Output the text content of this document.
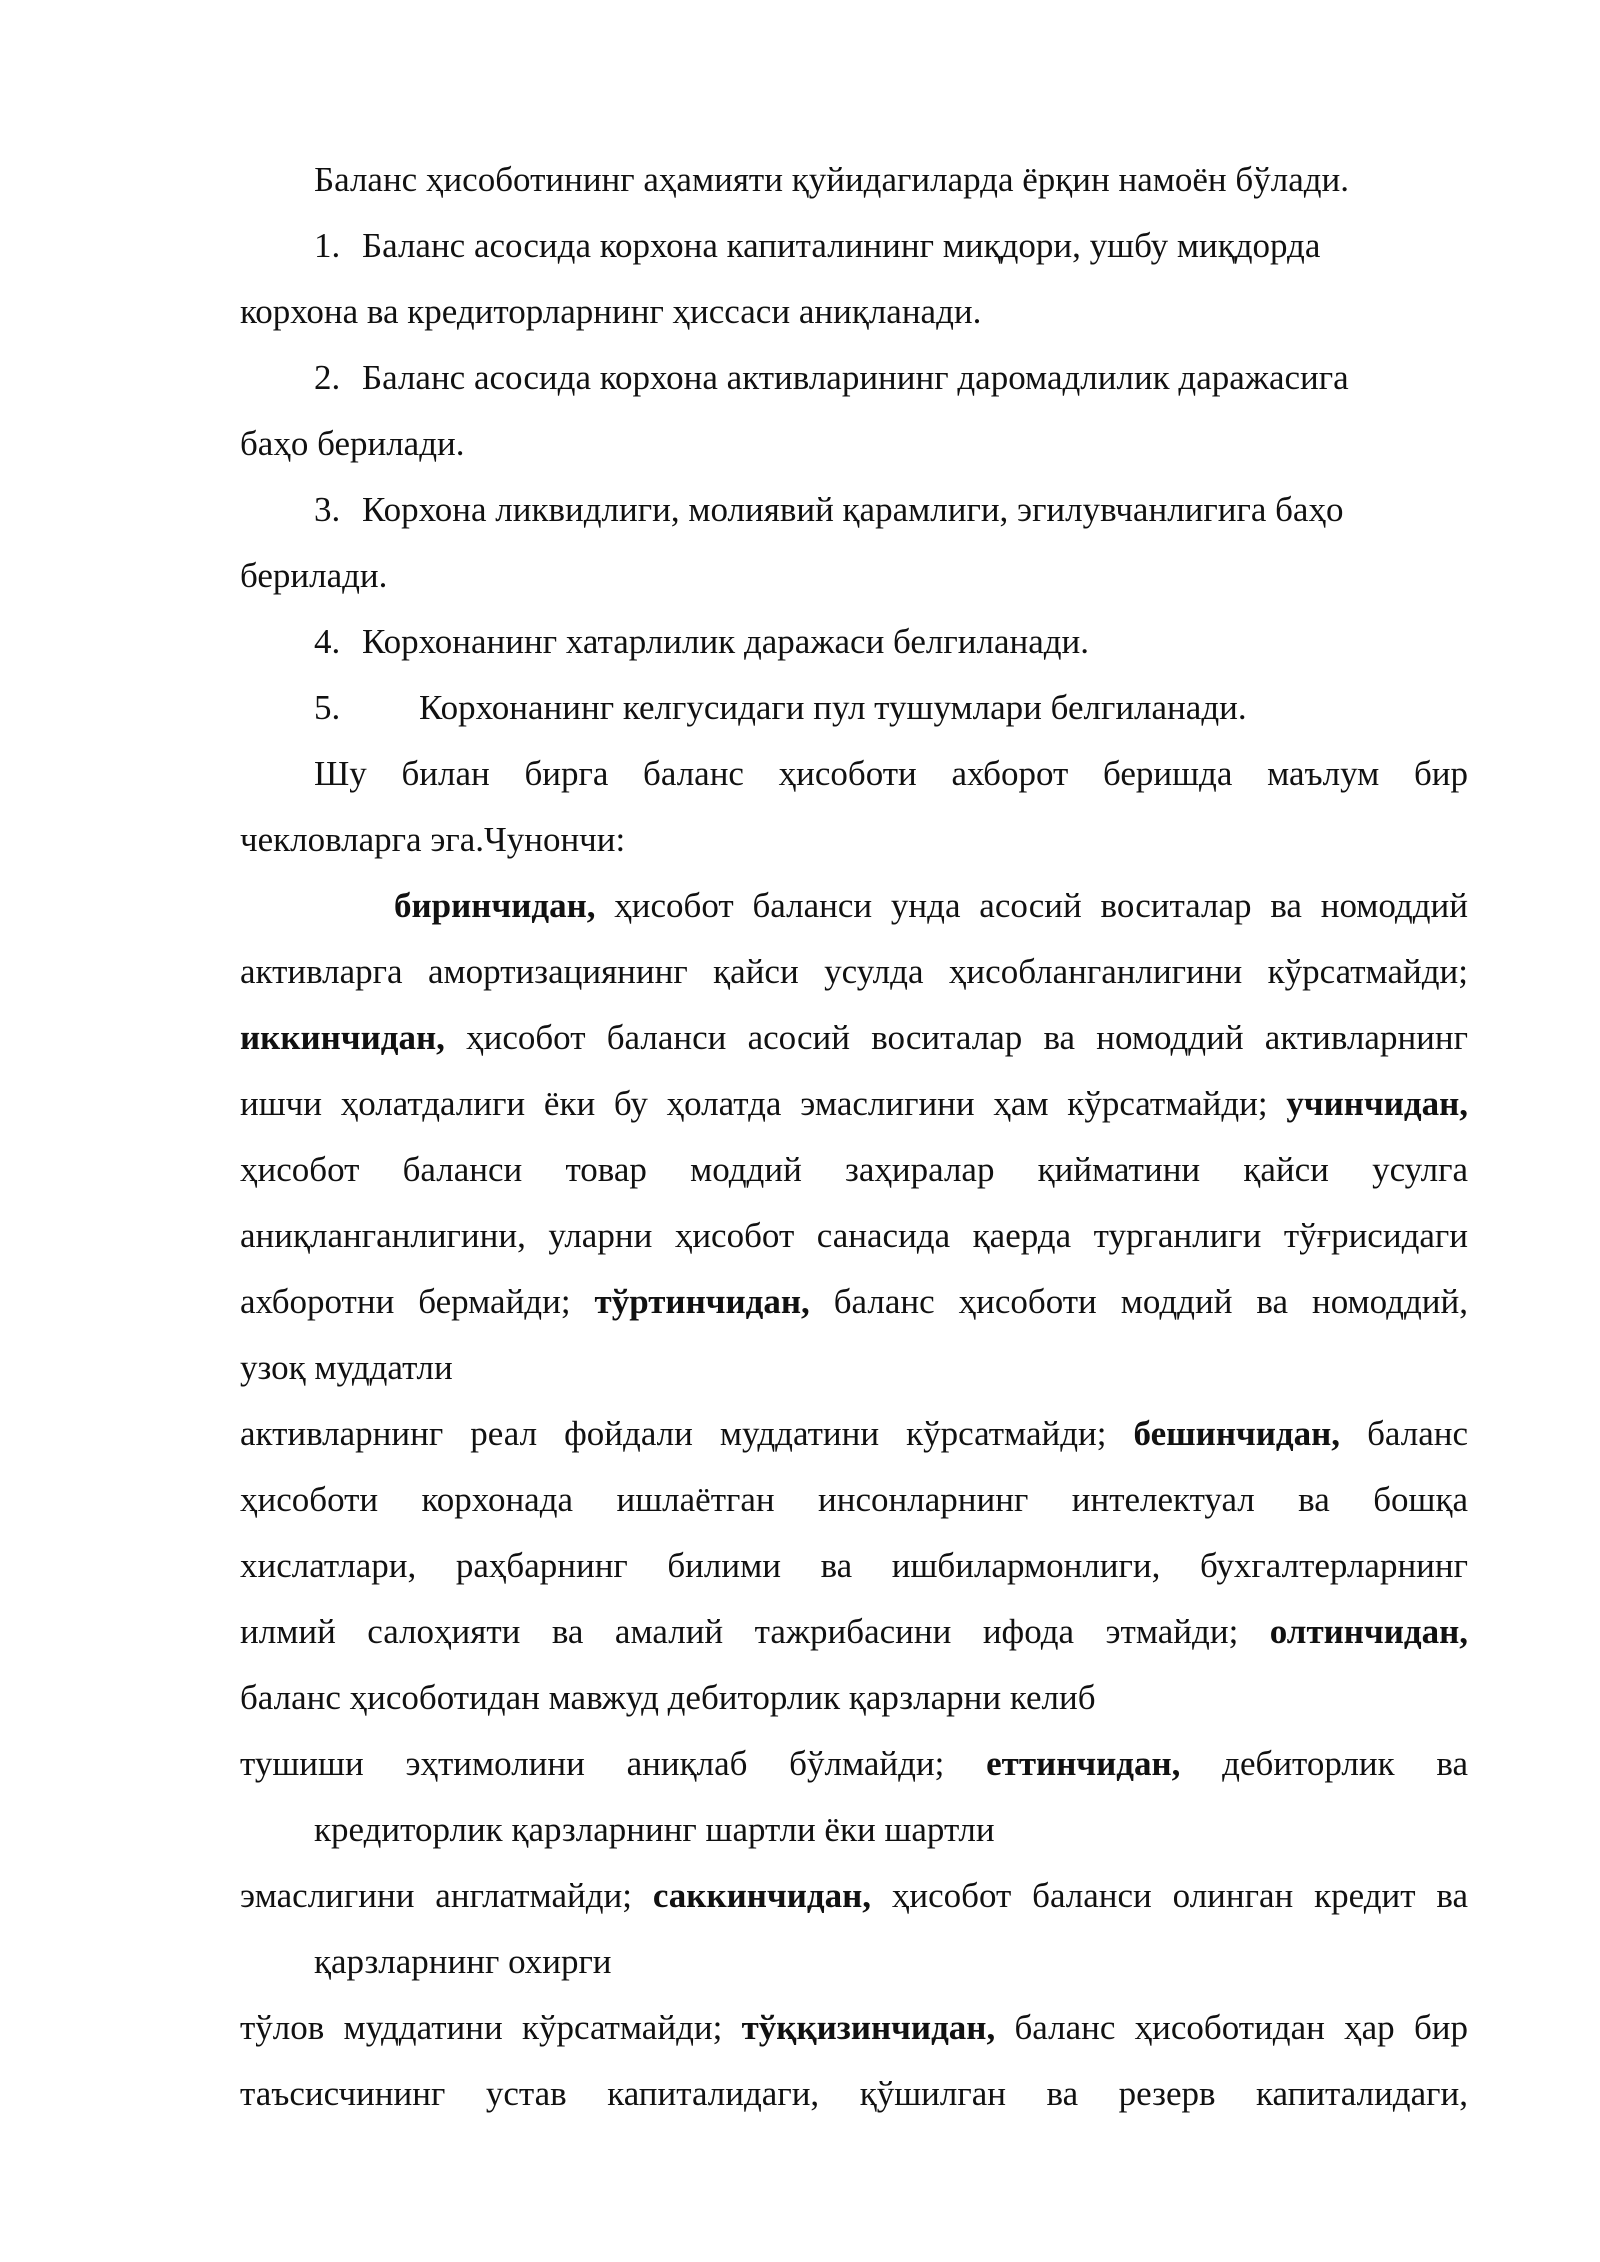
Баланс ҳисоботининг аҳамияти қуйидагиларда ёрқин намоён бўлади.
1. Баланс асосида корхона капиталининг миқдори, ушбу миқдорда
корхона ва кредиторларнинг ҳиссаси аниқланади.
2. Баланс асосида корхона активларининг даромадлилик даражасига
баҳо берилади.
3. Корхона ликвидлиги, молиявий қарамлиги, эгилувчанлигига баҳо
берилади.
4. Корхонанинг хатарлилик даражаси белгиланади.
5. Корхонанинг келгусидаги пул тушумлари белгиланади.
Шу билан бирга баланс ҳисоботи ахборот беришда маълум бир
чекловларга эга.Чунончи:
биринчидан, ҳисобот баланси унда асосий воситалар ва номоддий
активларга амортизациянинг қайси усулда ҳисобланганлигини кўрсатмайди;
иккинчидан, ҳисобот баланси асосий воситалар ва номоддий активларнинг
ишчи ҳолатдалиги ёки бу ҳолатда эмаслигини ҳам кўрсатмайди; учинчидан,
ҳисобот баланси товар моддий заҳиралар қийматини қайси усулга
аниқланганлигини, уларни ҳисобот санасида қаерда турганлиги тўғрисидаги
ахборотни бермайди; тўртинчидан, баланс ҳисоботи моддий ва номоддий,
узоқ муддатли
активларнинг реал фойдали муддатини кўрсатмайди; бешинчидан, баланс
ҳисоботи корхонада ишлаётган инсонларнинг интелектуал ва бошқа
хислатлари, раҳбарнинг билими ва ишбилармонлиги, бухгалтерларнинг
илмий салоҳияти ва амалий тажрибасини ифода этмайди; олтинчидан,
баланс ҳисоботидан мавжуд дебиторлик қарзларни келиб
тушиши эҳтимолини аниқлаб бўлмайди; еттинчидан, дебиторлик ва
кредиторлик қарзларнинг шартли ёки шартли
эмаслигини англатмайди; саккинчидан, ҳисобот баланси олинган кредит ва
қарзларнинг охирги
тўлов муддатини кўрсатмайди; тўққизинчидан, баланс ҳисоботидан ҳар бир
таъсисчининг устав капиталидаги, қўшилган ва резерв капиталидаги,
